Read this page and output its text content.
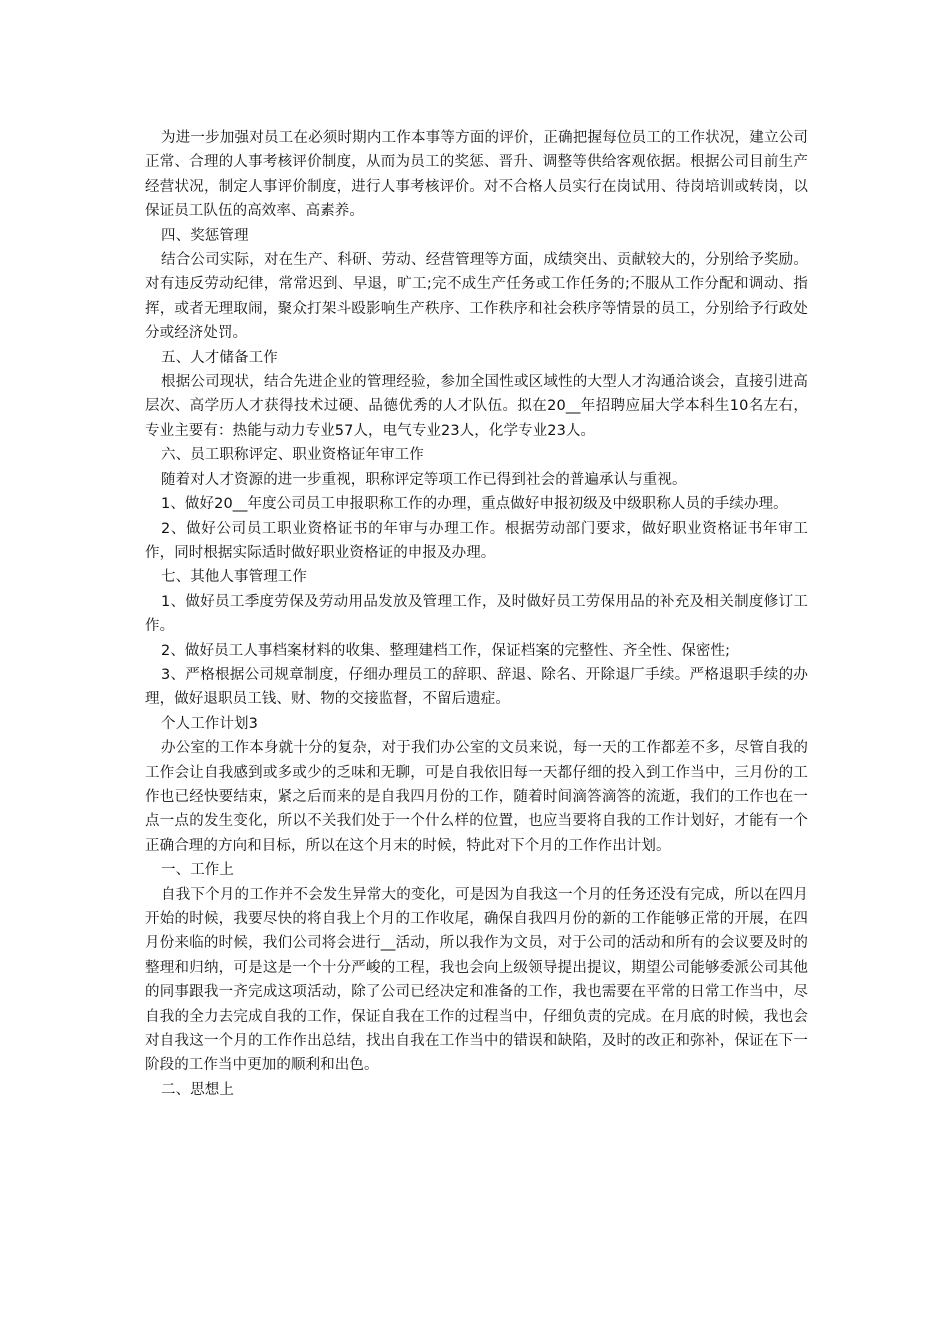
为进一步加强对员工在必须时期内工作本事等方面的评价，正确把握每位员工的工作状况，建立公司正常、合理的人事考核评价制度，从而为员工的奖惩、晋升、调整等供给客观依据。根据公司目前生产经营状况，制定人事评价制度，进行人事考核评价。对不合格人员实行在岗试用、待岗培训或转岗，以保证员工队伍的高效率、高素养。

四、奖惩管理

结合公司实际，对在生产、科研、劳动、经营管理等方面，成绩突出、贡献较大的，分别给予奖励。对有违反劳动纪律，常常迟到、早退，旷工;完不成生产任务或工作任务的;不服从工作分配和调动、指挥，或者无理取闹，聚众打架斗殴影响生产秩序、工作秩序和社会秩序等情景的员工，分别给予行政处分或经济处罚。

五、人才储备工作

根据公司现状，结合先进企业的管理经验，参加全国性或区域性的大型人才沟通洽谈会，直接引进高层次、高学历人才获得技术过硬、品德优秀的人才队伍。拟在20__年招聘应届大学本科生10名左右，专业主要有：热能与动力专业57人，电气专业23人，化学专业23人。

六、员工职称评定、职业资格证年审工作

随着对人才资源的进一步重视，职称评定等项工作已得到社会的普遍承认与重视。

1、做好20__年度公司员工申报职称工作的办理，重点做好申报初级及中级职称人员的手续办理。

2、做好公司员工职业资格证书的年审与办理工作。根据劳动部门要求，做好职业资格证书年审工作，同时根据实际适时做好职业资格证的申报及办理。

七、其他人事管理工作

1、做好员工季度劳保及劳动用品发放及管理工作，及时做好员工劳保用品的补充及相关制度修订工作。

2、做好员工人事档案材料的收集、整理建档工作，保证档案的完整性、齐全性、保密性;

3、严格根据公司规章制度，仔细办理员工的辞职、辞退、除名、开除退厂手续。严格退职手续的办理，做好退职员工钱、财、物的交接监督，不留后遗症。

个人工作计划3

办公室的工作本身就十分的复杂，对于我们办公室的文员来说，每一天的工作都差不多，尽管自我的工作会让自我感到或多或少的乏味和无聊，可是自我依旧每一天都仔细的投入到工作当中，三月份的工作也已经快要结束，紧之后而来的是自我四月份的工作，随着时间滴答滴答的流逝，我们的工作也在一点一点的发生变化，所以不关我们处于一个什么样的位置，也应当要将自我的工作计划好，才能有一个正确合理的方向和目标，所以在这个月末的时候，特此对下个月的工作作出计划。

一、工作上

自我下个月的工作并不会发生异常大的变化，可是因为自我这一个月的任务还没有完成，所以在四月开始的时候，我要尽快的将自我上个月的工作收尾，确保自我四月份的新的工作能够正常的开展，在四月份来临的时候，我们公司将会进行__活动，所以我作为文员，对于公司的活动和所有的会议要及时的整理和归纳，可是这是一个十分严峻的工程，我也会向上级领导提出提议，期望公司能够委派公司其他的同事跟我一齐完成这项活动，除了公司已经决定和准备的工作，我也需要在平常的日常工作当中，尽自我的全力去完成自我的工作，保证自我在工作的过程当中，仔细负责的完成。在月底的时候，我也会对自我这一个月的工作作出总结，找出自我在工作当中的错误和缺陷，及时的改正和弥补，保证在下一阶段的工作当中更加的顺利和出色。

二、思想上
